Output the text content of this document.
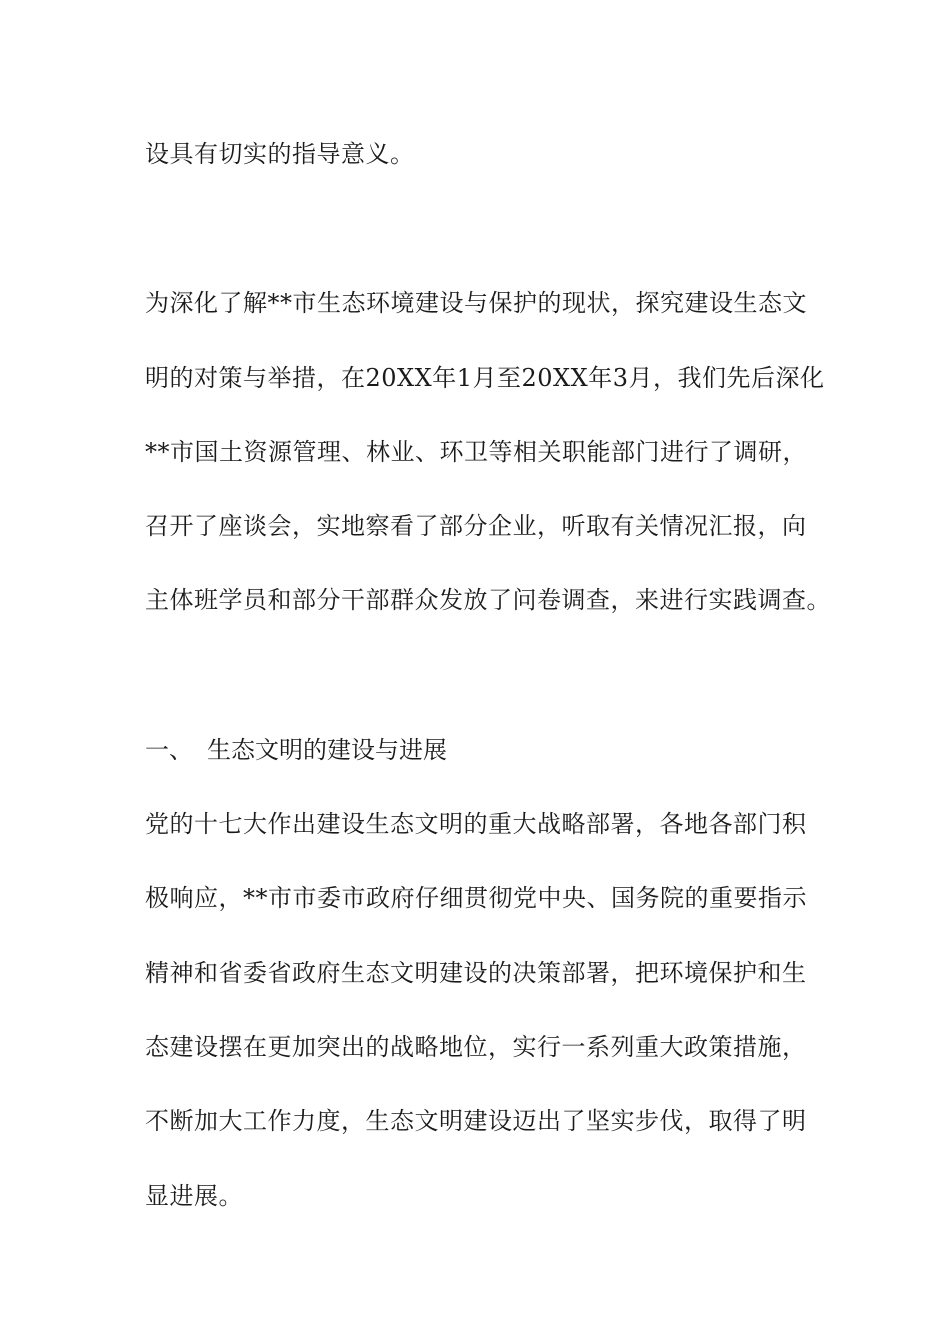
设具有切实的指导意义。
为深化了解**市生态环境建设与保护的现状，探究建设生态文
明的对策与举措，在20XX年1月至20XX年3月，我们先后深化
**市国土资源管理、林业、环卫等相关职能部门进行了调研，
召开了座谈会，实地察看了部分企业，听取有关情况汇报，向
主体班学员和部分干部群众发放了问卷调查，来进行实践调查。
一、 生态文明的建设与进展
党的十七大作出建设生态文明的重大战略部署，各地各部门积
极响应，**市市委市政府仔细贯彻党中央、国务院的重要指示
精神和省委省政府生态文明建设的决策部署，把环境保护和生
态建设摆在更加突出的战略地位，实行一系列重大政策措施，
不断加大工作力度，生态文明建设迈出了坚实步伐，取得了明
显进展。
